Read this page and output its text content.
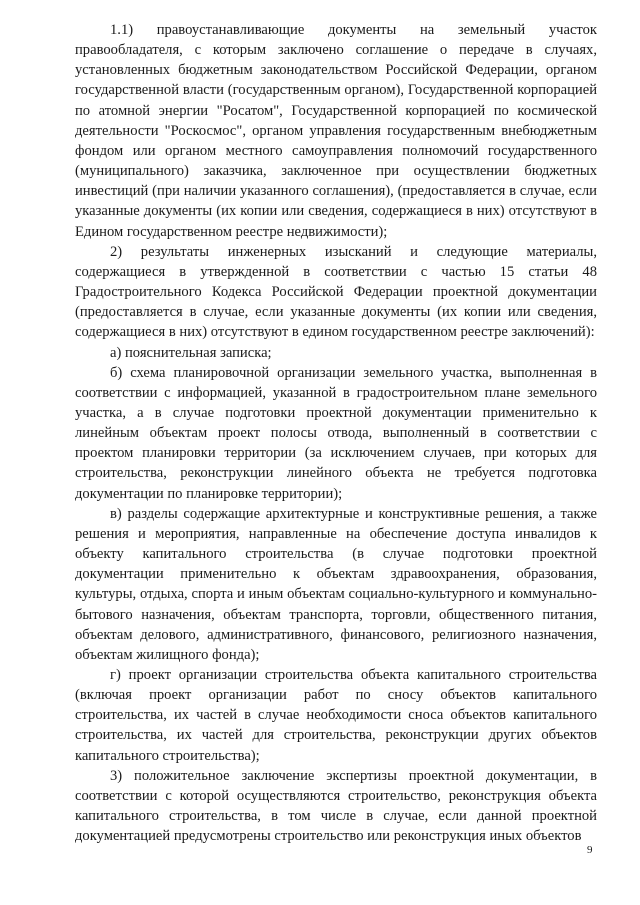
1.1) правоустанавливающие документы на земельный участок правообладателя, с которым заключено соглашение о передаче в случаях, установленных бюджетным законодательством Российской Федерации, органом государственной власти (государственным органом), Государственной корпорацией по атомной энергии "Росатом", Государственной корпорацией по космической деятельности "Роскосмос", органом управления государственным внебюджетным фондом или органом местного самоуправления полномочий государственного (муниципального) заказчика, заключенное при осуществлении бюджетных инвестиций (при наличии указанного соглашения), (предоставляется в случае, если указанные документы (их копии или сведения, содержащиеся в них) отсутствуют в Едином государственном реестре недвижимости);

2) результаты инженерных изысканий и следующие материалы, содержащиеся в утвержденной в соответствии с частью 15 статьи 48 Градостроительного Кодекса Российской Федерации проектной документации (предоставляется в случае, если указанные документы (их копии или сведения, содержащиеся в них) отсутствуют в едином государственном реестре заключений):

а) пояснительная записка;

б) схема планировочной организации земельного участка, выполненная в соответствии с информацией, указанной в градостроительном плане земельного участка, а в случае подготовки проектной документации применительно к линейным объектам проект полосы отвода, выполненный в соответствии с проектом планировки территории (за исключением случаев, при которых для строительства, реконструкции линейного объекта не требуется подготовка документации по планировке территории);

в) разделы содержащие архитектурные и конструктивные решения, а также решения и мероприятия, направленные на обеспечение доступа инвалидов к объекту капитального строительства (в случае подготовки проектной документации применительно к объектам здравоохранения, образования, культуры, отдыха, спорта и иным объектам социально-культурного и коммунально-бытового назначения, объектам транспорта, торговли, общественного питания, объектам делового, административного, финансового, религиозного назначения, объектам жилищного фонда);

г) проект организации строительства объекта капитального строительства (включая проект организации работ по сносу объектов капитального строительства, их частей в случае необходимости сноса объектов капитального строительства, их частей для строительства, реконструкции других объектов капитального строительства);

3) положительное заключение экспертизы проектной документации, в соответствии с которой осуществляются строительство, реконструкция объекта капитального строительства, в том числе в случае, если данной проектной документацией предусмотрены строительство или реконструкция иных объектов

9
